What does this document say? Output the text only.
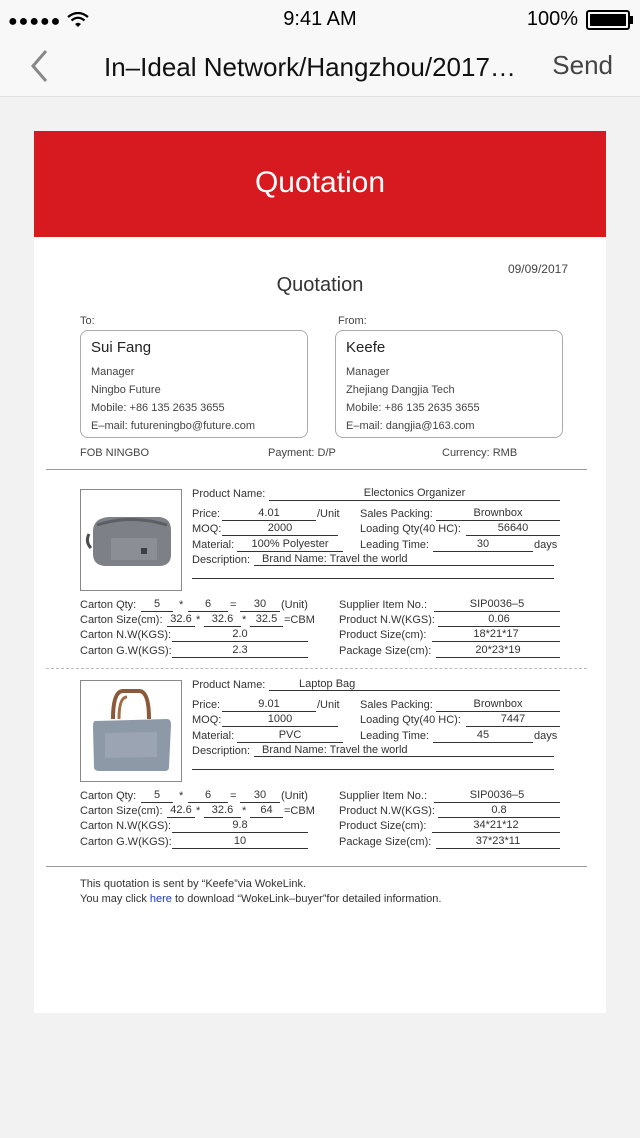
●●●●●	9:41 AM	100%
In–Ideal Network/Hangzhou/2017… Send
Quotation
09/09/2017
Quotation
To:	From:
Sui Fang
Manager
Ningbo Future
Mobile: +86 135 2635 3655
E–mail: futureningbo@future.com
Keefe
Manager
Zhejiang Dangjia Tech
Mobile: +86 135 2635 3655
E–mail: dangjia@163.com
FOB NINGBO	Payment: D/P	Currency: RMB
Product Name:	Electonics Organizer
Price:	4.01	/Unit Sales Packing:	Brownbox
MOQ:	2000	Loading Qty(40 HC):	56640
Material:	100% Polyester	Leading Time:	30	days
Description:	Brand Name: Travel the world
Carton Qty:	5	*	6	=	30	(Unit)
Carton Size(cm): 32.6 *	32.6 * 32.5 =CBM
Carton N.W(KGS):	2.0
Carton G.W(KGS):	2.3
Supplier Item No.:	SIP0036–5
Product N.W(KGS):	0.06
Product Size(cm):	18*21*17
Package Size(cm):	20*23*19
Product Name:	Laptop Bag
Price:	9.01	/Unit Sales Packing:	Brownbox
MOQ:	1000	Loading Qty(40 HC):	7447
Material:	PVC	Leading Time:	45	days
Description:	Brand Name: Travel the world
Carton Qty:	5	*	6	=	30	(Unit)
Carton Size(cm): 42.6 *	32.6 *	64	=CBM
Carton N.W(KGS):	9.8
Carton G.W(KGS):	10
Supplier Item No.:	SIP0036–5
Product N.W(KGS):	0.8
Product Size(cm):	34*21*12
Package Size(cm):	37*23*11
This quotation is sent by “Keefe”via WokeLink.
You may click here to download “WokeLink–buyer”for detailed information.
